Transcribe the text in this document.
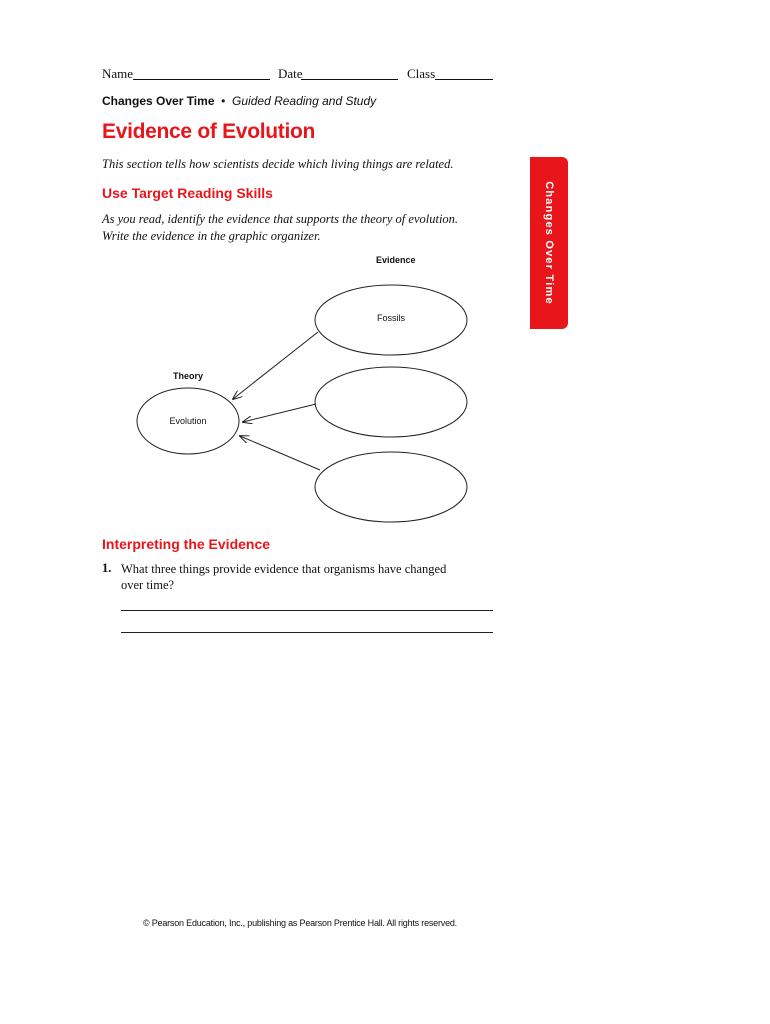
Name	Date	Class
Changes Over Time • Guided Reading and Study
Evidence of Evolution
This section tells how scientists decide which living things are related.
Changes Over Time
Use Target Reading Skills
As you read, identify the evidence that supports the theory of evolution. Write the evidence in the graphic organizer.
Evidence
Theory
Evolution
Fossils
Interpreting the Evidence
1. What three things provide evidence that organisms have changed over time?
© Pearson Education, Inc., publishing as Pearson Prentice Hall. All rights reserved.
